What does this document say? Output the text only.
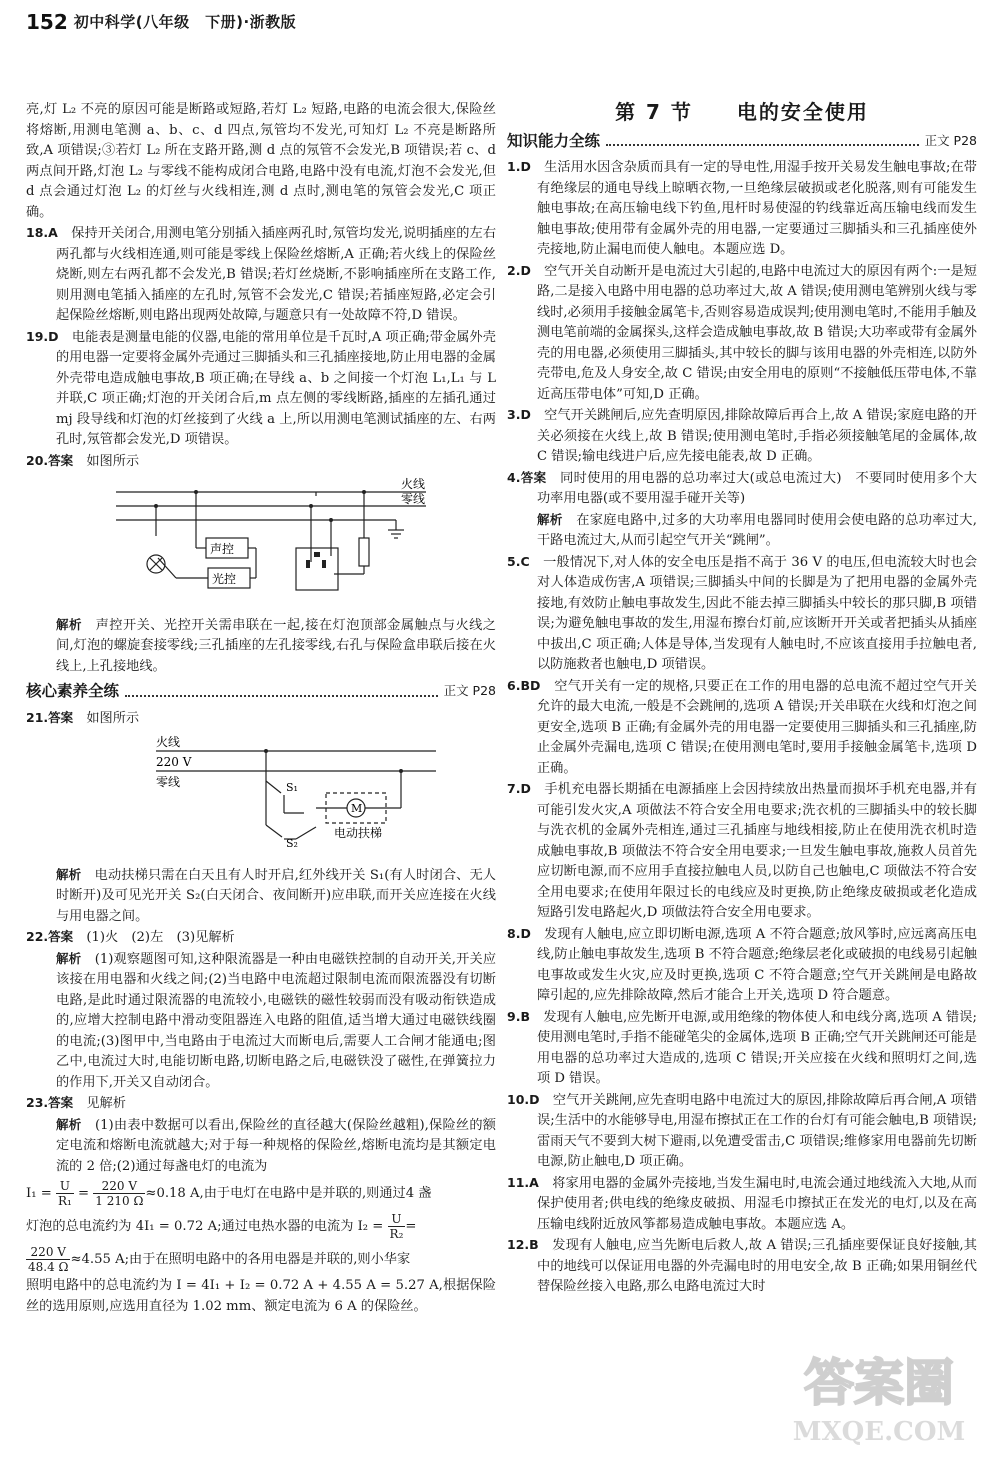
152 初中科学(八年级　下册)·浙教版

亮,灯 L₂ 不亮的原因可能是断路或短路,若灯 L₂ 短路,电路的电流会很大,保险丝将熔断,用测电笔测 a、b、c、d 四点,氖管均不发光,可知灯 L₂ 不亮是断路所致,A 项错误;③若灯 L₂ 所在支路开路,测 d 点的氖管不会发光,B 项错误;若 c、d 两点间开路,灯泡 L₂ 与零线不能构成闭合电路,电路中没有电流,灯泡不会发光,但 d 点会通过灯泡 L₂ 的灯丝与火线相连,测 d 点时,测电笔的氖管会发光,C 项正确。

18.A　 保持开关闭合,用测电笔分别插入插座两孔时,氖管均发光,说明插座的左右两孔都与火线相连通,则可能是零线上保险丝熔断,A 正确;若火线上的保险丝烧断,则左右两孔都不会发光,B 错误;若灯丝烧断,不影响插座所在支路工作,则用测电笔插入插座的左孔时,氖管不会发光,C 错误;若插座短路,必定会引起保险丝熔断,则电路出现两处故障,与题意只有一处故障不符,D 错误。
19.D　 电能表是测量电能的仪器,电能的常用单位是千瓦时,A 项正确;带金属外壳的用电器一定要将金属外壳通过三脚插头和三孔插座接地,防止用电器的金属外壳带电造成触电事故,B 项正确;在导线 a、b 之间接一个灯泡 L₁,L₁ 与 L 并联,C 项正确;灯泡的开关闭合后,m 点左侧的零线断路,插座的左插孔通过 mj 段导线和灯泡的灯丝接到了火线 a 上,所以用测电笔测试插座的左、右两孔时,氖管都会发光,D 项错误。
20.答案　 如图所示
火线
零线
声控
光控
解析　 声控开关、光控开关需串联在一起,接在灯泡顶部金属触点与火线之间,灯泡的螺旋套接零线;三孔插座的左孔接零线,右孔与保险盒串联后接在火线上,上孔接地线。
核心素养全练	正文 P28
21.答案　 如图所示
火线
220 V
零线	S₁
S₂
M
电动扶梯
解析　 电动扶梯只需在白天且有人时开启,红外线开关 S₁(有人时闭合、无人时断开)及可见光开关 S₂(白天闭合、夜间断开)应串联,而开关应连接在火线与用电器之间。
22.答案　 (1)火　(2)左　(3)见解析
解析　 (1)观察题图可知,这种限流器是一种由电磁铁控制的自动开关,开关应该接在用电器和火线之间;(2)当电路中电流超过限制电流而限流器没有切断电路,是此时通过限流器的电流较小,电磁铁的磁性较弱而没有吸动衔铁造成的,应增大控制电路中滑动变阻器连入电路的阻值,适当增大通过电磁铁线圈的电流;(3)图甲中,当电路由于电流过大而断电后,需要人工合闸才能通电;图乙中,电流过大时,电能切断电路,切断电路之后,电磁铁没了磁性,在弹簧拉力的作用下,开关又自动闭合。
23.答案　 见解析
解析　 (1)由表中数据可以看出,保险丝的直径越大(保险丝越粗),保险丝的额定电流和熔断电流就越大;对于每一种规格的保险丝,熔断电流均是其额定电流的 2 倍;(2)通过每盏电灯的电流为
$I_1 = \frac{U}{\text{R₁}} = \frac{220 V}{1 210 \Omega} \approx 0.18$ A,由于电灯在电路中是并联的,则通过4 盏
灯泡的总电流约为 4I₁ = 0.72 A;通过电热水器的电流为 $I_2 = \frac{U}{\text{R₂}}$ =
$\frac{220 V}{48.4 \Omega} \approx 4.55$ A;由于在照明电路中的各用电器是并联的,则小华家

照明电路中的总电流约为 I = 4I₁ + I₂ = 0.72 A + 4.55 A = 5.27 A,根据保险丝的选用原则,应选用直径为 1.02 mm、额定电流为 6 A 的保险丝。

第 7 节　　 电的安全使用
知识能力全练	正文 P28
1.D　 生活用水因含杂质而具有一定的导电性,用湿手按开关易发生触电事故;在带有绝缘层的通电导线上晾晒衣物,一旦绝缘层破损或老化脱落,则有可能发生触电事故;在高压输电线下钓鱼,甩杆时易使湿的钓线靠近高压输电线而发生触电事故;使用带有金属外壳的用电器,一定要通过三脚插头和三孔插座使外壳接地,防止漏电而使人触电。本题应选 D。
2.D　 空气开关自动断开是电流过大引起的,电路中电流过大的原因有两个:一是短路,二是接入电路中用电器的总功率过大,故 A 错误;使用测电笔辨别火线与零线时,必须用手接触金属笔卡,否则容易造成误判;使用测电笔时,不能用手触及测电笔前端的金属探头,这样会造成触电事故,故 B 错误;大功率或带有金属外壳的用电器,必须使用三脚插头,其中较长的脚与该用电器的外壳相连,以防外壳带电,危及人身安全,故 C 错误;由安全用电的原则“不接触低压带电体,不靠近高压带电体”可知,D 正确。
3.D　 空气开关跳闸后,应先查明原因,排除故障后再合上,故 A 错误;家庭电路的开关必须接在火线上,故 B 错误;使用测电笔时,手指必须接触笔尾的金属体,故 C 错误;输电线进户后,应先接电能表,故 D 正确。
4.答案　 同时使用的用电器的总功率过大(或总电流过大)　不要同时使用多个大功率用电器(或不要用湿手碰开关等)
解析　 在家庭电路中,过多的大功率用电器同时使用会使电路的总功率过大,干路电流过大,从而引起空气开关“跳闸”。
5.C　 一般情况下,对人体的安全电压是指不高于 36 V 的电压,但电流较大时也会对人体造成伤害,A 项错误;三脚插头中间的长脚是为了把用电器的金属外壳接地,有效防止触电事故发生,因此不能去掉三脚插头中较长的那只脚,B 项错误;为避免触电事故的发生,用湿布擦台灯前,应该断开开关或者把插头从插座中拔出,C 项正确;人体是导体,当发现有人触电时,不应该直接用手拉触电者,以防施救者也触电,D 项错误。
6.BD　 空气开关有一定的规格,只要正在工作的用电器的总电流不超过空气开关允许的最大电流,一般是不会跳闸的,选项 A 错误;开关串联在火线和灯泡之间更安全,选项 B 正确;有金属外壳的用电器一定要使用三脚插头和三孔插座,防止金属外壳漏电,选项 C 错误;在使用测电笔时,要用手接触金属笔卡,选项 D 正确。
7.D　 手机充电器长期插在电源插座上会因持续放出热量而损坏手机充电器,并有可能引发火灾,A 项做法不符合安全用电要求;洗衣机的三脚插头中的较长脚与洗衣机的金属外壳相连,通过三孔插座与地线相接,防止在使用洗衣机时造成触电事故,B 项做法不符合安全用电要求;一旦发生触电事故,施救人员首先应切断电源,而不应用手直接拉触电人员,以防自己也触电,C 项做法不符合安全用电要求;在使用年限过长的电线应及时更换,防止绝缘皮破损或老化造成短路引发电路起火,D 项做法符合安全用电要求。
8.D　 发现有人触电,应立即切断电源,选项 A 不符合题意;放风筝时,应远离高压电线,防止触电事故发生,选项 B 不符合题意;绝缘层老化或破损的电线易引起触电事故或发生火灾,应及时更换,选项 C 不符合题意;空气开关跳闸是电路故障引起的,应先排除故障,然后才能合上开关,选项 D 符合题意。
9.B　 发现有人触电,应先断开电源,或用绝缘的物体使人和电线分离,选项 A 错误;使用测电笔时,手指不能碰笔尖的金属体,选项 B 正确;空气开关跳闸还可能是用电器的总功率过大造成的,选项 C 错误;开关应接在火线和照明灯之间,选项 D 错误。
10.D　 空气开关跳闸,应先查明电路中电流过大的原因,排除故障后再合闸,A 项错误;生活中的水能够导电,用湿布擦拭正在工作的台灯有可能会触电,B 项错误;雷雨天气不要到大树下避雨,以免遭受雷击,C 项错误;维修家用电器前先切断电源,防止触电,D 项正确。
11.A　 将家用电器的金属外壳接地,当发生漏电时,电流会通过地线流入大地,从而保护使用者;供电线的绝缘皮破损、用湿毛巾擦拭正在发光的电灯,以及在高压输电线附近放风筝都易造成触电事故。本题应选 A。
12.B　 发现有人触电,应当先断电后救人,故 A 错误;三孔插座要保证良好接触,其中的地线可以保证用电器的外壳漏电时的用电安全,故 B 正确;如果用铜丝代替保险丝接入电路,那么电路电流过大时
答案圈
MXQE.COM
